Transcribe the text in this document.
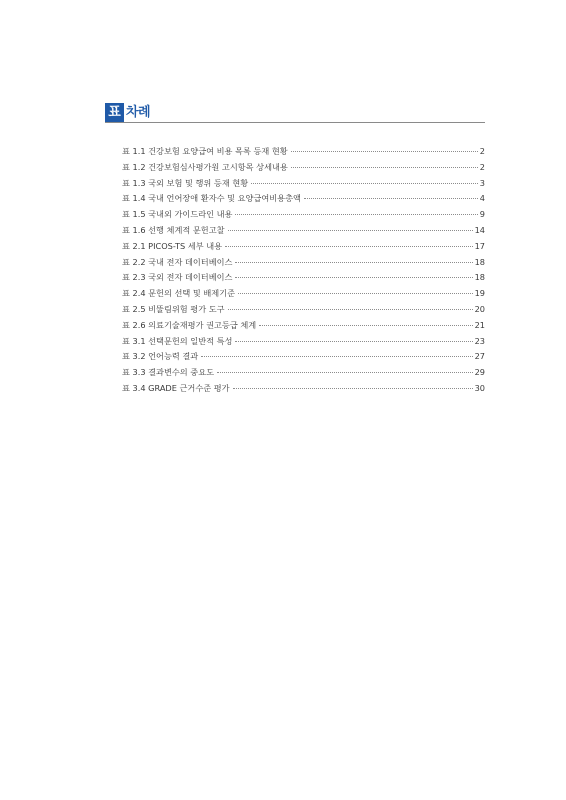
표 차례
표 1.1 건강보험 요양급여 비용 목록 등재 현황	2
표 1.2 건강보험심사평가원 고시항목 상세내용	2
표 1.3 국외 보험 및 행위 등재 현황	3
표 1.4 국내 언어장애 환자수 및 요양급여비용총액	4
표 1.5 국내외 가이드라인 내용	9
표 1.6 선행 체계적 문헌고찰	14
표 2.1 PICOS-TS 세부 내용	17
표 2.2 국내 전자 데이터베이스	18
표 2.3 국외 전자 데이터베이스	18
표 2.4 문헌의 선택 및 배제기준	19
표 2.5 비뚤림위험 평가 도구	20
표 2.6 의료기술재평가 권고등급 체계	21
표 3.1 선택문헌의 일반적 특성	23
표 3.2 언어능력 결과	27
표 3.3 결과변수의 중요도	29
표 3.4 GRADE 근거수준 평가	30
